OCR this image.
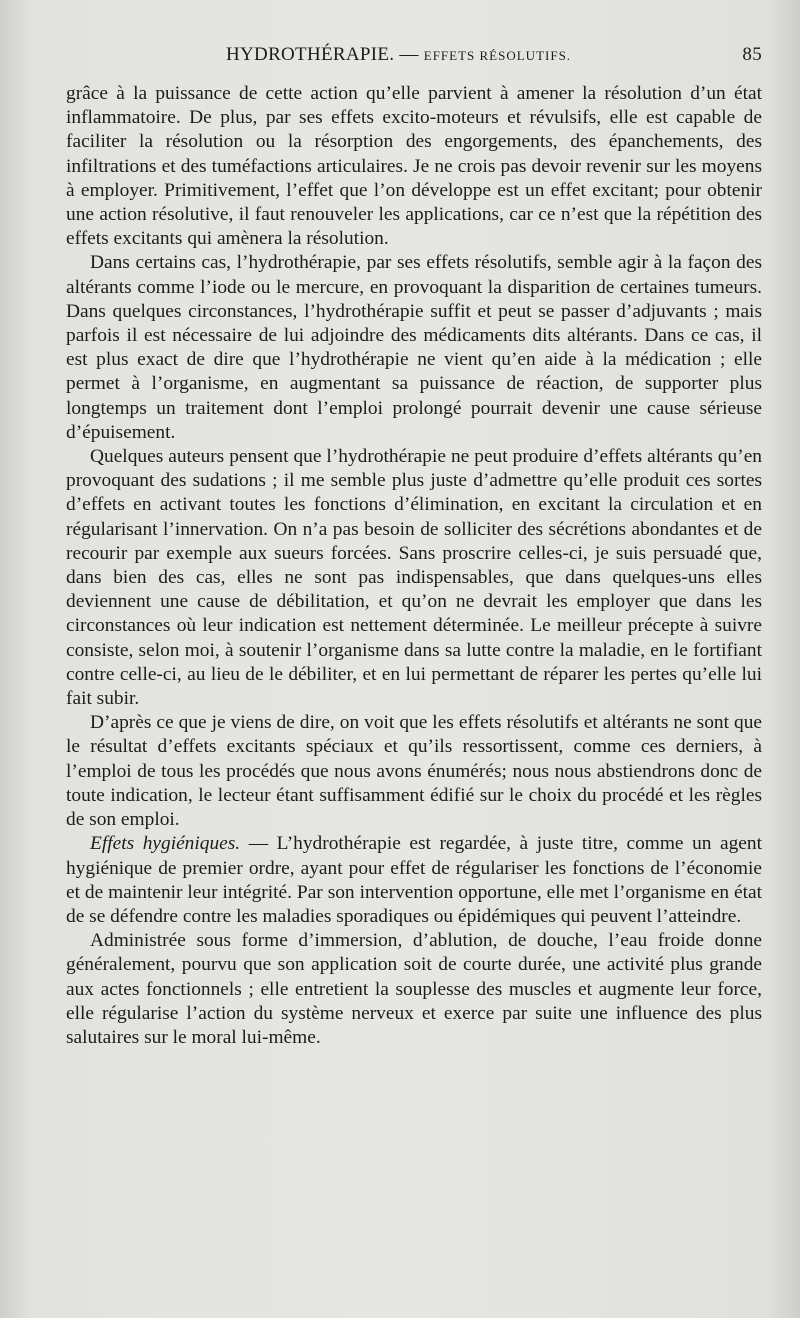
HYDROTHÉRAPIE. — EFFETS RÉSOLUTIFS.	85

grâce à la puissance de cette action qu’elle parvient à amener la résolution d’un état inflammatoire. De plus, par ses effets excito-moteurs et révulsifs, elle est capable de faciliter la résolution ou la résorption des engorgements, des épanchements, des infiltrations et des tuméfactions articulaires. Je ne crois pas devoir revenir sur les moyens à employer. Primitivement, l’effet que l’on développe est un effet excitant; pour obtenir une action résolutive, il faut renouveler les applications, car ce n’est que la répétition des effets excitants qui amènera la résolution.

Dans certains cas, l’hydrothérapie, par ses effets résolutifs, semble agir à la façon des altérants comme l’iode ou le mercure, en provoquant la disparition de certaines tumeurs. Dans quelques circonstances, l’hydrothérapie suffit et peut se passer d’adjuvants ; mais parfois il est nécessaire de lui adjoindre des médicaments dits altérants. Dans ce cas, il est plus exact de dire que l’hydrothérapie ne vient qu’en aide à la médication ; elle permet à l’organisme, en augmentant sa puissance de réaction, de supporter plus longtemps un traitement dont l’emploi prolongé pourrait devenir une cause sérieuse d’épuisement.

Quelques auteurs pensent que l’hydrothérapie ne peut produire d’effets altérants qu’en provoquant des sudations ; il me semble plus juste d’admettre qu’elle produit ces sortes d’effets en activant toutes les fonctions d’élimination, en excitant la circulation et en régularisant l’innervation. On n’a pas besoin de solliciter des sécrétions abondantes et de recourir par exemple aux sueurs forcées. Sans proscrire celles-ci, je suis persuadé que, dans bien des cas, elles ne sont pas indispensables, que dans quelques-uns elles deviennent une cause de débilitation, et qu’on ne devrait les employer que dans les circonstances où leur indication est nettement déterminée. Le meilleur précepte à suivre consiste, selon moi, à soutenir l’organisme dans sa lutte contre la maladie, en le fortifiant contre celle-ci, au lieu de le débiliter, et en lui permettant de réparer les pertes qu’elle lui fait subir.

D’après ce que je viens de dire, on voit que les effets résolutifs et altérants ne sont que le résultat d’effets excitants spéciaux et qu’ils ressortissent, comme ces derniers, à l’emploi de tous les procédés que nous avons énumérés; nous nous abstiendrons donc de toute indication, le lecteur étant suffisamment édifié sur le choix du procédé et les règles de son emploi.

Effets hygiéniques. — L’hydrothérapie est regardée, à juste titre, comme un agent hygiénique de premier ordre, ayant pour effet de régulariser les fonctions de l’économie et de maintenir leur intégrité. Par son intervention opportune, elle met l’organisme en état de se défendre contre les maladies sporadiques ou épidémiques qui peuvent l’atteindre.

Administrée sous forme d’immersion, d’ablution, de douche, l’eau froide donne généralement, pourvu que son application soit de courte durée, une activité plus grande aux actes fonctionnels ; elle entretient la souplesse des muscles et augmente leur force, elle régularise l’action du système nerveux et exerce par suite une influence des plus salutaires sur le moral lui-même.
